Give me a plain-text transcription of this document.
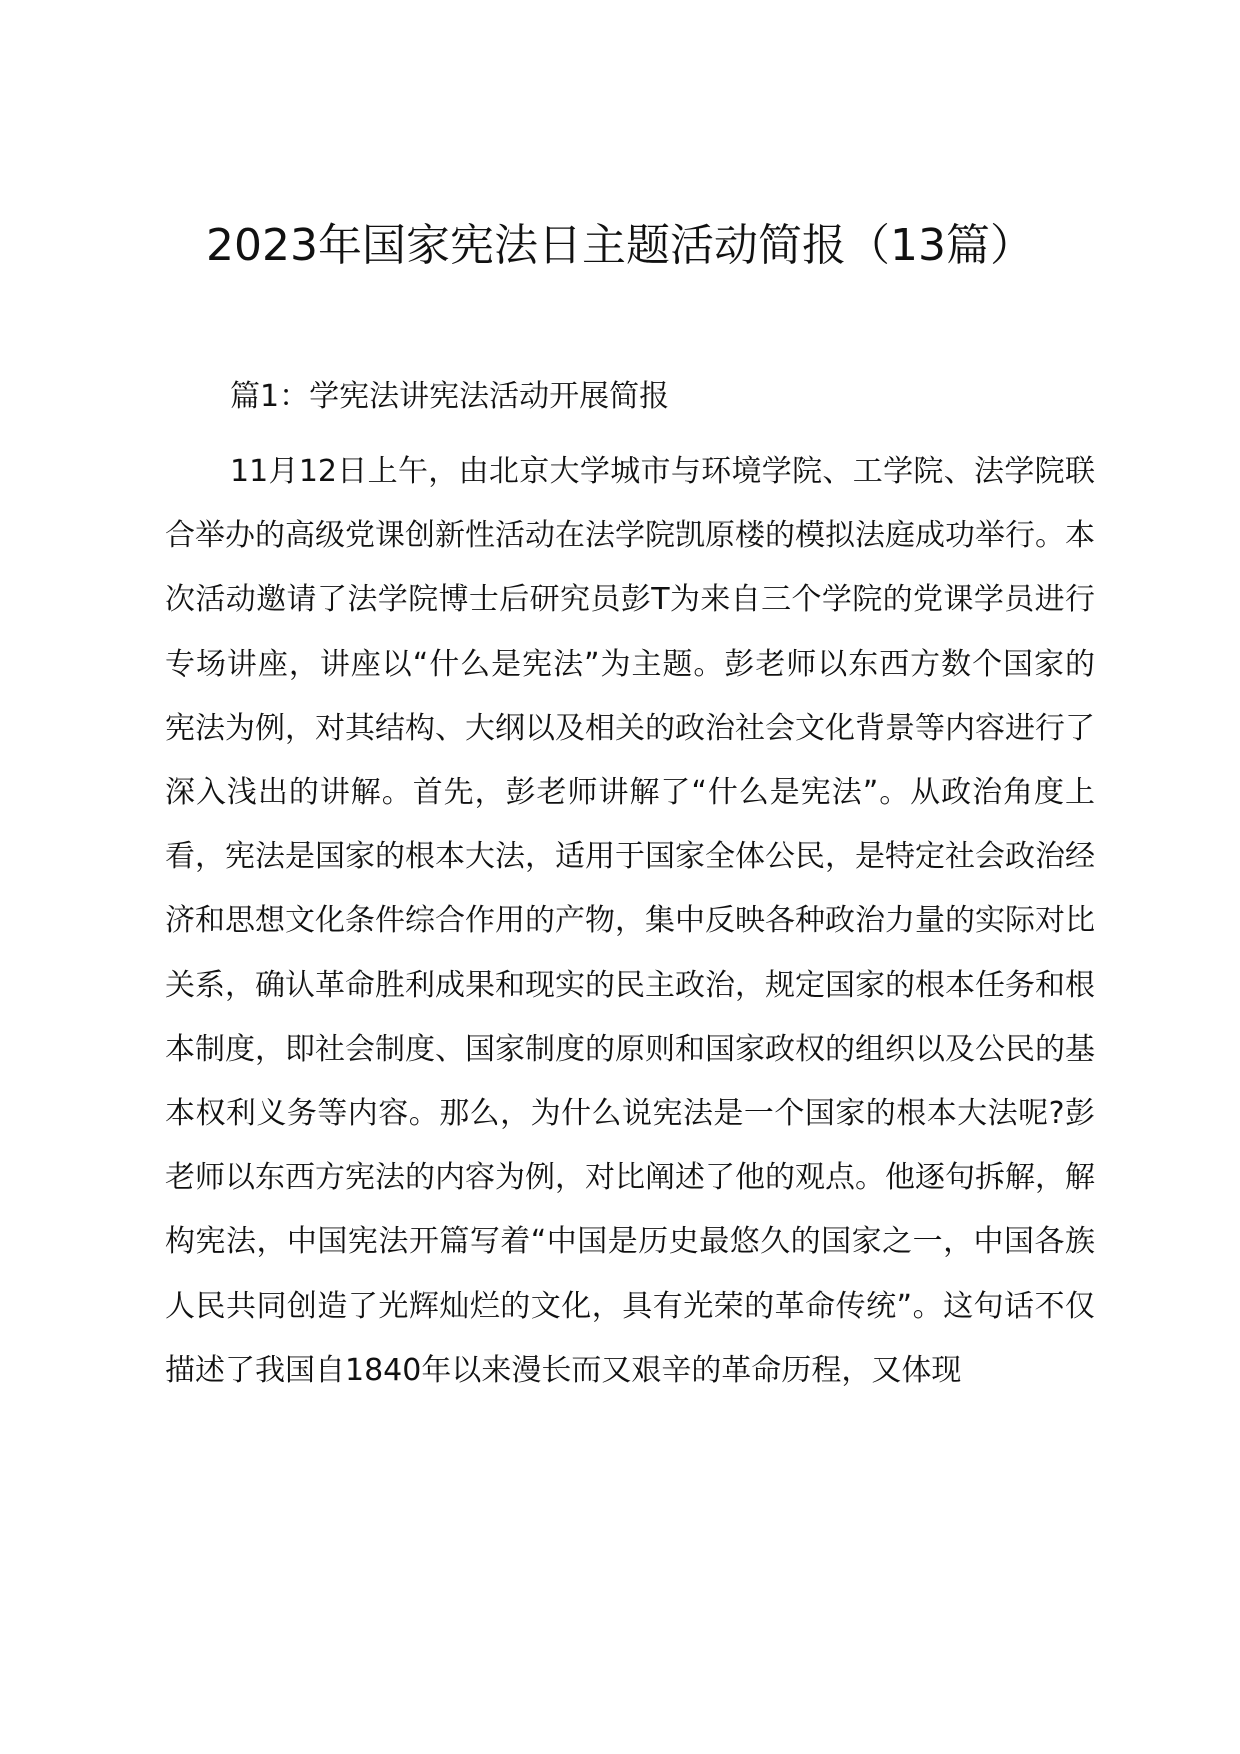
2023年国家宪法日主题活动简报（13篇）

篇1：学宪法讲宪法活动开展简报

11月12日上午，由北京大学城市与环境学院、工学院、法学院联合举办的高级党课创新性活动在法学院凯原楼的模拟法庭成功举行。本次活动邀请了法学院博士后研究员彭T为来自三个学院的党课学员进行专场讲座，讲座以“什么是宪法”为主题。彭老师以东西方数个国家的宪法为例，对其结构、大纲以及相关的政治社会文化背景等内容进行了深入浅出的讲解。首先，彭老师讲解了“什么是宪法”。从政治角度上看，宪法是国家的根本大法，适用于国家全体公民，是特定社会政治经济和思想文化条件综合作用的产物，集中反映各种政治力量的实际对比关系，确认革命胜利成果和现实的民主政治，规定国家的根本任务和根本制度，即社会制度、国家制度的原则和国家政权的组织以及公民的基本权利义务等内容。那么，为什么说宪法是一个国家的根本大法呢?彭老师以东西方宪法的内容为例，对比阐述了他的观点。他逐句拆解，解构宪法，中国宪法开篇写着“中国是历史最悠久的国家之一，中国各族人民共同创造了光辉灿烂的文化，具有光荣的革命传统”。这句话不仅描述了我国自1840年以来漫长而又艰辛的革命历程，又体现
